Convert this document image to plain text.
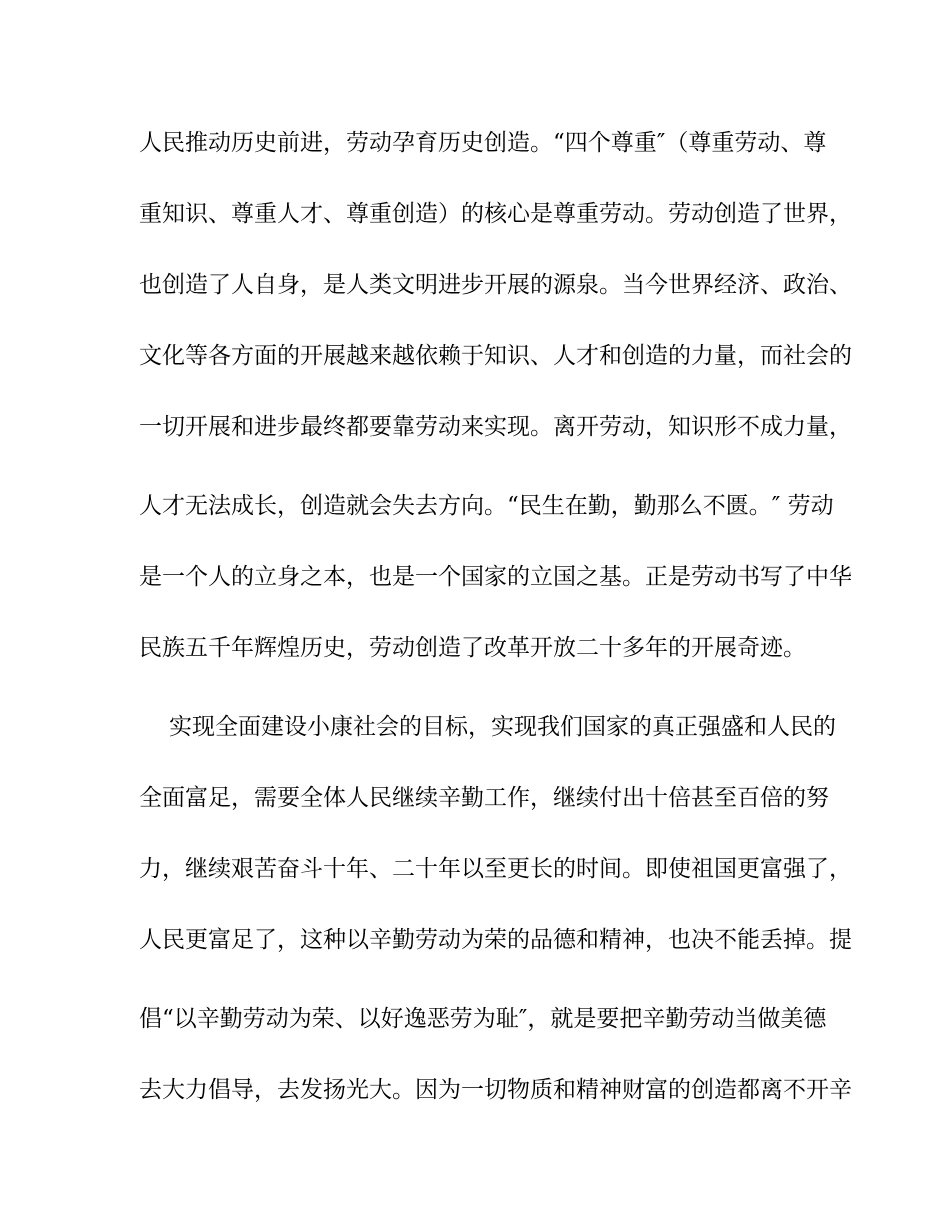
人民推动历史前进，劳动孕育历史创造。“四个尊重″（尊重劳动、尊
重知识、尊重人才、尊重创造）的核心是尊重劳动。劳动创造了世界，
也创造了人自身，是人类文明进步开展的源泉。当今世界经济、政治、
文化等各方面的开展越来越依赖于知识、人才和创造的力量，而社会的
一切开展和进步最终都要靠劳动来实现。离开劳动，知识形不成力量，
人才无法成长，创造就会失去方向。“民生在勤，勤那么不匮。″ 劳动
是一个人的立身之本，也是一个国家的立国之基。正是劳动书写了中华
民族五千年辉煌历史，劳动创造了改革开放二十多年的开展奇迹。
实现全面建设小康社会的目标，实现我们国家的真正强盛和人民的
全面富足，需要全体人民继续辛勤工作，继续付出十倍甚至百倍的努
力，继续艰苦奋斗十年、二十年以至更长的时间。即使祖国更富强了，
人民更富足了，这种以辛勤劳动为荣的品德和精神，也决不能丢掉。提
倡“以辛勤劳动为荣、以好逸恶劳为耻″，就是要把辛勤劳动当做美德
去大力倡导，去发扬光大。因为一切物质和精神财富的创造都离不开辛
